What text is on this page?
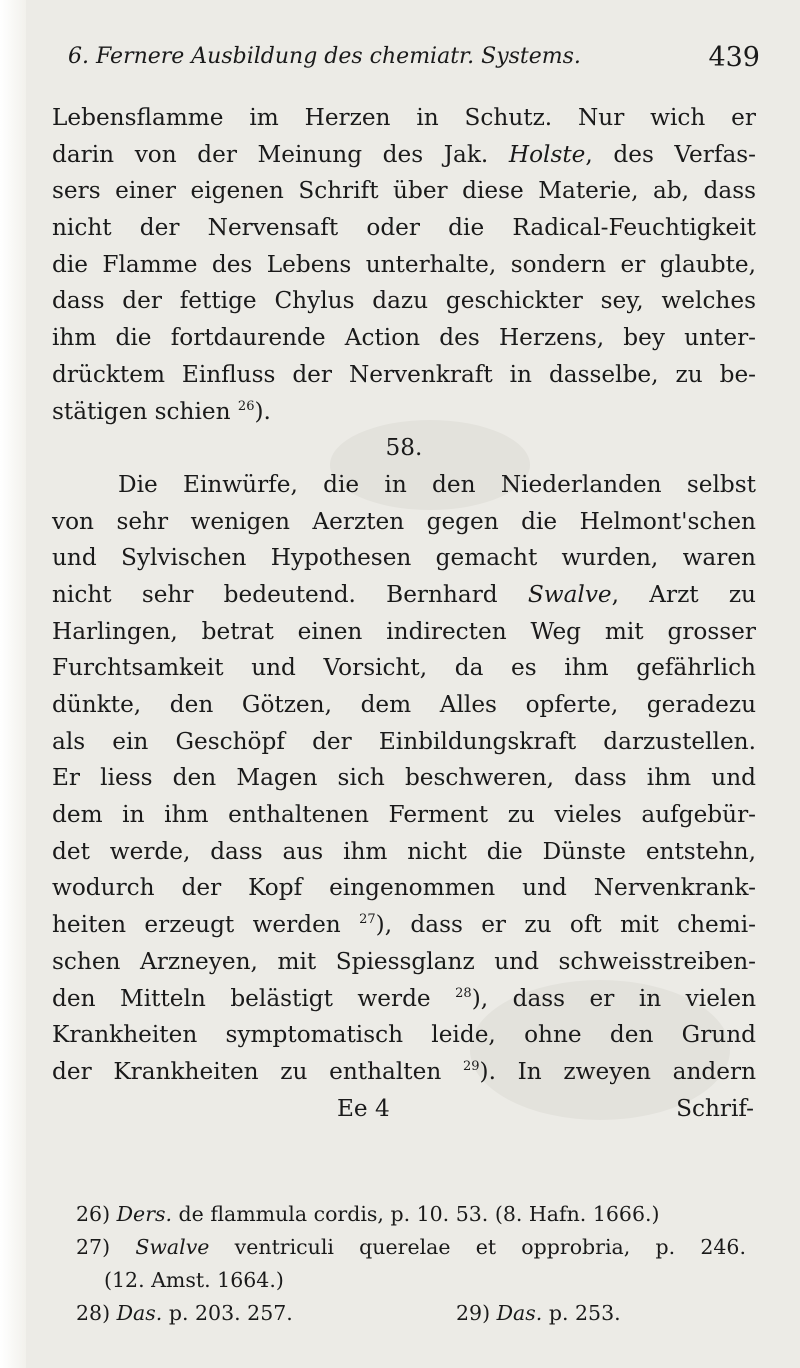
6. Fernere Ausbildung des chemiatr. Systems.	439
Lebensflamme im Herzen in Schutz. Nur wich er
darin von der Meinung des Jak. Holste, des Verfas-
sers einer eigenen Schrift über diese Materie, ab, dass
nicht der Nervensaft oder die Radical-Feuchtigkeit
die Flamme des Lebens unterhalte, sondern er glaubte,
dass der fettige Chylus dazu geschickter sey, welches
ihm die fortdaurende Action des Herzens, bey unter-
drücktem Einfluss der Nervenkraft in dasselbe, zu be-
stätigen schien $^{26}$).
58.
Die Einwürfe, die in den Niederlanden selbst
von sehr wenigen Aerzten gegen die Helmont'schen
und Sylvischen Hypothesen gemacht wurden, waren
nicht sehr bedeutend. Bernhard Swalve, Arzt zu
Harlingen, betrat einen indirecten Weg mit grosser
Furchtsamkeit und Vorsicht, da es ihm gefährlich
dünkte, den Götzen, dem Alles opferte, geradezu
als ein Geschöpf der Einbildungskraft darzustellen.
Er liess den Magen sich beschweren, dass ihm und
dem in ihm enthaltenen Ferment zu vieles aufgebür-
det werde, dass aus ihm nicht die Dünste entstehn,
wodurch der Kopf eingenommen und Nervenkrank-
heiten erzeugt werden $^{27}$), dass er zu oft mit chemi-
schen Arzneyen, mit Spiessglanz und schweisstreiben-
den Mitteln belästigt werde $^{28}$), dass er in vielen
Krankheiten symptomatisch leide, ohne den Grund
der Krankheiten zu enthalten $^{29}$). In zweyen andern
Ee 4	Schrif-
26) Ders. de flammula cordis, p. 10. 53. (8. Hafn. 1666.)
27) Swalve ventriculi querelae et opprobria, p. 246.
(12. Amst. 1664.)
28) Das. p. 203. 257.	29) Das. p. 253.
